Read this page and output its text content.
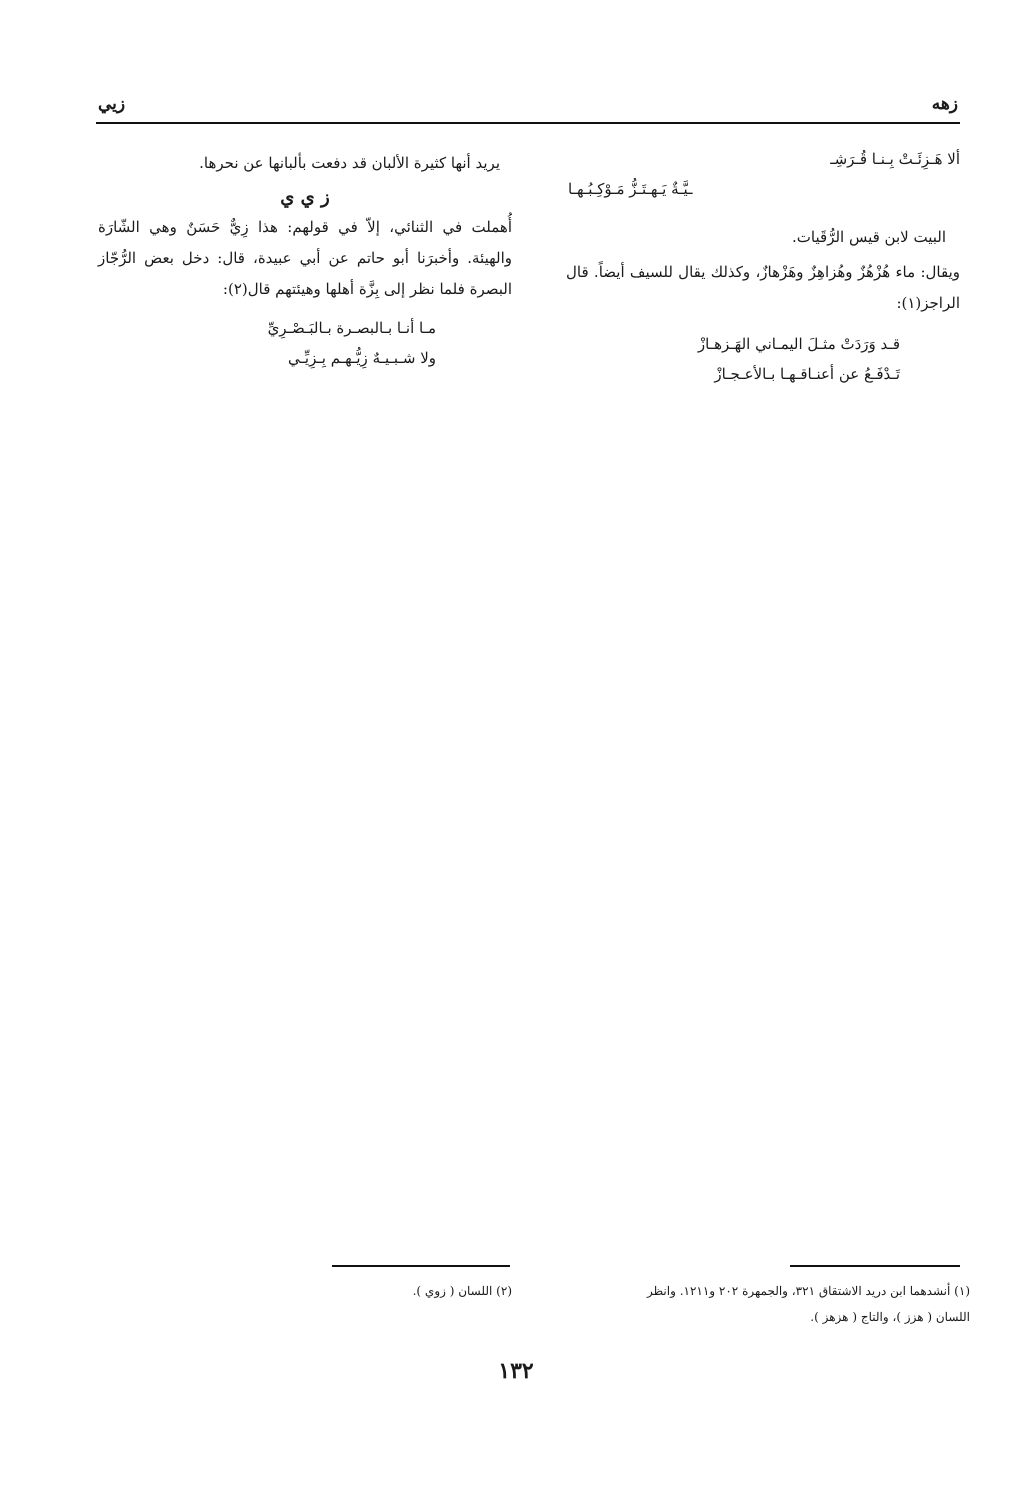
زهه
زيي
ألا هَـزِئَـتْ بِـنـا قُـرَشِـ
ـيَّـةٌ يَـهـتَـزُّ مَـوْكِـبُـهـا

البيت لابن قيس الرُّقَيات.

ويقال: ماء هُزْهُزٌ وهُزاهِزٌ وهَزْهازٌ، وكذلك يقال للسيف أيضاً. قال الراجز(١):

قـد وَرَدَتْ مثـلَ اليمـاني الهَـزهـازْ
تَـدْفَـعُ عن أعنـاقـهـا بـالأعـجـازْ

يريد أنها كثيرة الألبان قد دفعت بألبانها عن نحرها.

ز ي ي

أُهملت في الثنائي، إلاّ في قولهم: هذا زِيٌّ حَسَنٌ وهي الشّارَة والهيئة. وأخبرَنا أبو حاتم عن أبي عبيدة، قال: دخل بعض الرُّجّاز البصرة فلما نظر إلى بِزَّة أهلها وهيئتهم قال(٢):

مـا أنـا بـالبصـرة بـالبَـصْـرِيِّ
ولا شـبـيـهٌ زِيُّـهـم بِـزِيِّـي
(١) أنشدهما ابن دريد الاشتقاق ٣٢١، والجمهرة ٢٠٢ و١٢١١. وانظر
اللسان ( هزز )، والتاج ( هزهز ).
(٢) اللسان ( زوي ).
١٣٢
